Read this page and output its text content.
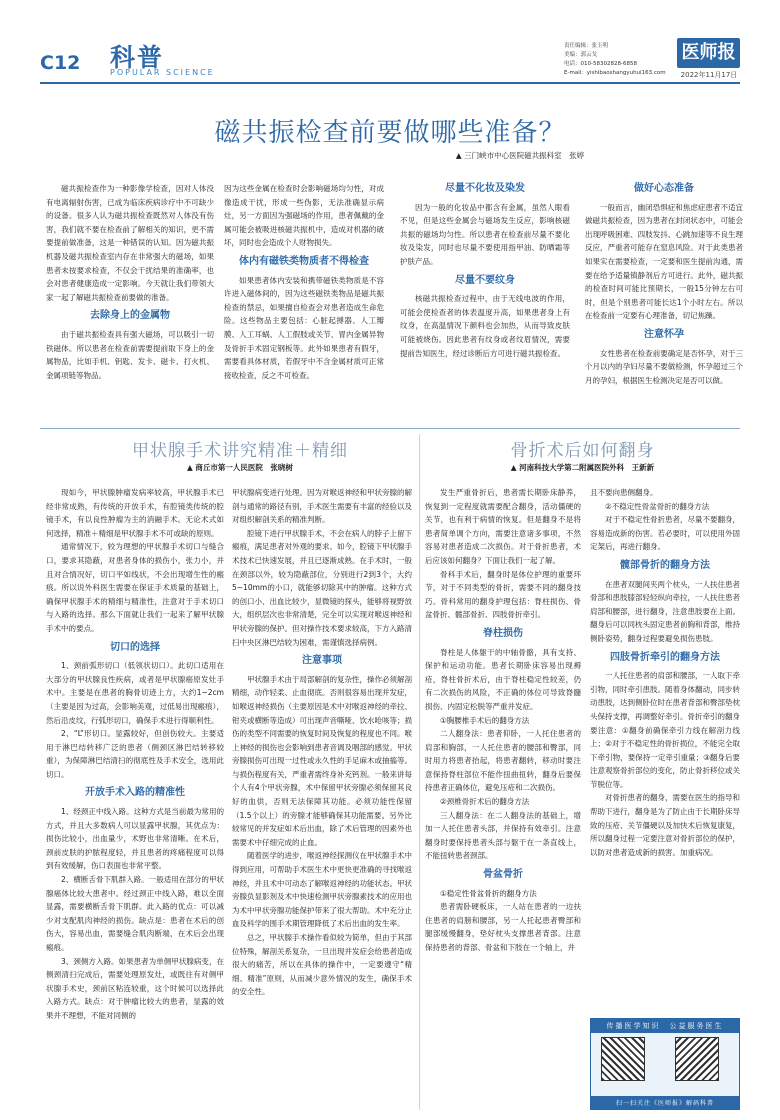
C12 科普
POPULAR SCIENCE
责任编辑：张玉明
美编：郭云戈
电话：010-58302828-6858
E-mail：yishibaoshangyuhui163.com
医师报
2022年11月17日
磁共振检查前要做哪些准备？
▲ 三门峡市中心医院磁共振科室　张婷

磁共振检查作为一种影像学检查，因对人体没有电离辐射伤害，已成为临床疾病诊疗中不可缺少的设备。很多人认为磁共振检查既然对人体没有伤害，我们就不要在检查前了解相关的知识，更不需要提前做准备，这是一种错误的认知。因为磁共振机器及磁共振检查室内存在非常强大的磁场，如果患者未按要求检查，不仅会干扰结果的准确率，也会对患者健康造成一定影响。今天就让我们带领大家一起了解磁共振检查前要做的准备。

去除身上的金属物

由于磁共振检查具有强大磁场，可以吸引一切铁磁体。所以患者在检查前需要提前取下身上的金属物品，比如手机、钥匙、发卡、磁卡、打火机、金属项链等物品。

因为这些金属在检查时会影响磁场均匀性，对成像造成干扰，形成一些伪影，无法准确显示病灶，另一方面因为强磁场的作用，患者佩戴的金属可能会被吸进核磁共振机中，造成对机器的破坏，同时也会造成个人财物损失。

体内有磁铁类物质者不得检查

如果患者体内安装和携带磁铁类物质是不容许进入磁体间的，因为这些磁铁类物品是磁共振检查的禁忌，如果擅自检查会对患者造成生命危险。这些物品主要包括：心脏起搏器、人工瓣膜、人工耳蜗、人工假肢或关节、胃内金属异物及骨折手术固定钢板等。此外如果患者有假牙，需要看具体材质，若假牙中不含金属材质可正常接收检查，反之不可检查。

尽量不化妆及染发

因为一般的化妆品中都含有金属，虽然人眼看不见，但是这些金属会与磁场发生反应，影响核磁共振的磁场均匀性。所以患者在检查前尽量不要化妆及染发，同时也尽量不要使用指甲油、防晒霜等护肤产品。

尽量不要纹身

核磁共振检查过程中，由于无线电波的作用，可能会使检查者的体表温度升高，如果患者身上有纹身，在高温情况下颜料也会加热，从而导致皮肤可能被烧伤。因此患者有纹身或者纹眉情况，需要提前告知医生，经过诊断后方可进行磁共振检查。

做好心态准备

一般而言，幽闭恐惧症和焦虑症患者不适宜做磁共振检查，因为患者在封闭状态中，可能会出现呼吸困难、四肢发抖、心跳加速等不良生理反应，严重者可能存在窒息风险。对于此类患者如果实在需要检查，一定要和医生提前沟通，需要在给予适量镇静剂后方可进行。此外，磁共振的检查时间可能比预期长，一般15分钟左右可时，但是个别患者可能长达1个小时左右。所以在检查前一定要有心理准备，切记焦躁。

注意怀孕

女性患者在检查前要确定是否怀孕，对于三个月以内的孕妇尽量不要做检测，怀孕超过三个月的孕妇，根据医生检测决定是否可以做。

甲状腺手术讲究精准＋精细
▲ 商丘市第一人民医院　张晓树

现如今，甲状腺肿瘤发病率较高，甲状腺手术已经非常成熟，有传统的开放手术，有腔镜类传统的腔镜手术，有以良性肿瘤为主的消融手术。无论术式如何选择，精准＋精细是甲状腺手术不可或缺的原则。

通常情况下，较为理想的甲状腺手术切口与缝合口，要求其隐蔽，对患者身体的损伤小，张力小，并且对合情况好，切口平如线状，不会出现增生性的瘢痕。所以说外科医生需要在保证手术质量的基础上，确保甲状腺手术的精细与精准性，注意对于手术切口与入路的选择。那么下面就让我们一起来了解甲状腺手术中的要点。

切口的选择

1、颈前弧形切口（低领状切口）。此切口适用在大部分的甲状腺良性疾病，或者是甲状腺癌原发灶手术中。主要是在患者的胸骨切迹上方，大约1~2cm（主要是因为过高，会影响美观，过低易出现瘢痕），然后沿皮纹，行弧形切口，确保手术进行得顺利性。

2、“L”形切口。显露较好，但创伤较大。主要适用于淋巴结转移广泛的患者（侧颈区淋巴结转移较重），为保障淋巴结清扫的彻底性及手术安全，选用此切口。

开放手术入路的精准性

1、经颈正中线入路。这种方式是当前最为常用的方式，并且大多数病人可以显露甲状腺，其优点为：损伤比较小，出血量少，术野也非常清晰。在术后，颈前皮肤的护脓程度轻，并且患者的疼痛程度可以得到有效缓解，伤口表面也非常平整。

2、横断舌骨下肌群入路。一般适用在部分的甲状腺癌体比较大患者中。经过颈正中线入路，难以全面显露，需要横断舌骨下肌群。此入路的优点：可以减少对支配肌肉神经的损伤。缺点是：患者在术后的创伤大，容易出血，需要缝合肌肉断端，在术后会出现瘢痕。

3、颈侧方入路。如果患者为单侧甲状腺病变，在侧颈清扫完成后，需要处理原发灶，或既往有对侧甲状腺手术史，颈前区粘连较重，这个时候可以选择此入路方式。缺点：对于肿瘤比较大的患者，显露的效果并不理想，不能对同侧的

甲状腺病变进行处理。因为对喉返神经和甲状旁腺的解剖与通常的路径有别，手术医生需要有丰富的经验以及对组织解剖关系的精准判断。

腔镜下进行甲状腺手术，不会在病人的脖子上留下瘢痕，满足患者对外观的要求。如今，腔镜下甲状腺手术技术已快速发展，并且已逐渐成熟。在手术时，一般在颈部以外，较为隐蔽部位，分别进行2到3个，大约5~10mm的小口，就能够切除其中的肿瘤。这种方式的创口小、出血比较少，显微镜的探头，能够将视野放大，组织层次也非常清楚，完全可以实现对喉返神经和甲状旁腺的保护。但对操作技术要求较高，下方入路清扫中央区淋巴结较为困难，需谨慎选择病例。

注意事项

甲状腺手术由于局部解剖的复杂性，操作必须解剖精细，动作轻柔、止血彻底。否则很容易出现并发症，如喉返神经损伤（主要原因是术中对喉返神经的牵拉、钳夹或横断等造成）可出现声音嘶哑、饮水呛咳等；损伤的类型不同需要的恢复时间及恢复的程度也不同。喉上神经的损伤也会影响到患者音调及咽部的感觉。甲状旁腺损伤可出现一过性或永久性的手足麻木或抽搐等。与损伤程度有关，严重者需终身补充钙剂。一般来讲每个人有4个甲状旁腺，术中保留甲状旁腺必须保留其良好的血供，否则无法保障其功能。必须功能性保留（1.5个以上）的旁腺才能够确保其功能需要。另外比较常见的并发症如术后出血，除了术后管理的因素外也需要术中仔细完成的止血。

随着医学的进步，喉返神经探测仪在甲状腺手术中得到应用，可帮助手术医生术中更快更准确的寻找喉返神经，并且术中可动态了解喉返神经的功能状态。甲状旁腺负显影剂及术中快速检测甲状旁腺素技术的应用也为术中甲状旁腺功能保护带来了很大帮助。术中充分止血及科学的围手术期管理降低了术后出血的发生率。

总之，甲状腺手术操作看似较为简单，但由于其部位特殊，解剖关系复杂，一旦出现并发症会给患者造成很大的痛苦，所以在具体的操作中，一定要遵守“精细、精准”原则，从而减少意外情况的发生，确保手术的安全性。

骨折术后如何翻身
▲ 河南科技大学第二附属医院外科　王新新

发生严重骨折后，患者需长期卧床静养，恢复到一定程度就需要配合翻身，活动僵硬的关节，也有利于病情的恢复。但是翻身不是将患者简单调个方向，需要注意诸多事项，不然容易对患者造成二次损伤。对于骨折患者，术后应该如何翻身？下面让我们一起了解。

骨科手术后，翻身时是体位护理的重要环节，对于不同类型的骨折，需要不同的翻身技巧。骨科常用的翻身护理包括：脊柱损伤、骨盆骨折、髋部骨折、四肢骨折牵引。

脊柱损伤

脊柱是人体躯干的中轴骨骼，具有支持、保护和运动功能。患者长期卧床容易出现褥疮，脊柱骨折术后，由于脊柱稳定性较差，仍有二次损伤的风险，不正确的体位可导致脊髓损伤、内固定松脱等严重并发症。

①胸腰椎手术后的翻身方法

二人翻身法：患者仰卧，一人托住患者的肩部和胸部，一人托住患者的腰部和臀部，同时用力将患者抬起，将患者翻转，移动时要注意保持脊柱部位不能作扭曲扭转，翻身后要保持患者正确体位，避免压疮和二次损伤。

②颈椎骨折术后的翻身方法

三人翻身法：在二人翻身法的基础上，增加一人托住患者头部，并保持有效牵引。注意翻身时要保持患者头部与躯干在一条直线上，不能扭转患者颈部。

骨盆骨折

①稳定性骨盆骨折的翻身方法

患者需卧硬板床，一人站在患者的一边扶住患者的肩膀和腰部，另一人托起患者臀部和腿部缓慢翻身，垫好枕头支撑患者背部。注意保持患者的背部、骨盆和下肢在一个轴上，并

且不要向患侧翻身。

②不稳定性骨盆骨折的翻身方法

对于不稳定性骨折患者，尽量不要翻身，容易造成新的伤害。若必要时，可以使用外固定架后，再进行翻身。

髋部骨折的翻身方法

在患者双腿间夹两个枕头，一人扶住患者骨部和患肢膝部轻轻纵向牵拉，一人扶住患者肩部和腰部，进行翻身，注意患肢要在上面。翻身后可以同枕头固定患者前胸和背部，维持侧卧姿势，翻身过程要避免损伤患肢。

四肢骨折牵引的翻身方法

一人托住患者的肩部和腰部，一人取下牵引物，同时牵引患肢。随着身体翻动，同步转动患肢，达到侧卧位时在患者背部和臀部垫枕头保持支撑，再调整好牵引。骨折牵引的翻身要注意：①翻身前确保牵引力线在解剖力线上；②对于不稳定性的骨折损位，不能完全取下牵引物，要保持一定牵引重量；③翻身后要注意观察骨折部位的变化，防止骨折移位或关节脱位等。

对骨折患者的翻身，需要在医生的指导和帮助下进行，翻身是为了防止由于长期卧床导致的压疮、关节僵硬以及加快术后恢复康复，所以翻身过程一定要注意对骨折部位的保护，以防对患者造成新的损害。加重病况。

传播医学知识　公益服务医生
扫一扫关注《医师报》解码科普
